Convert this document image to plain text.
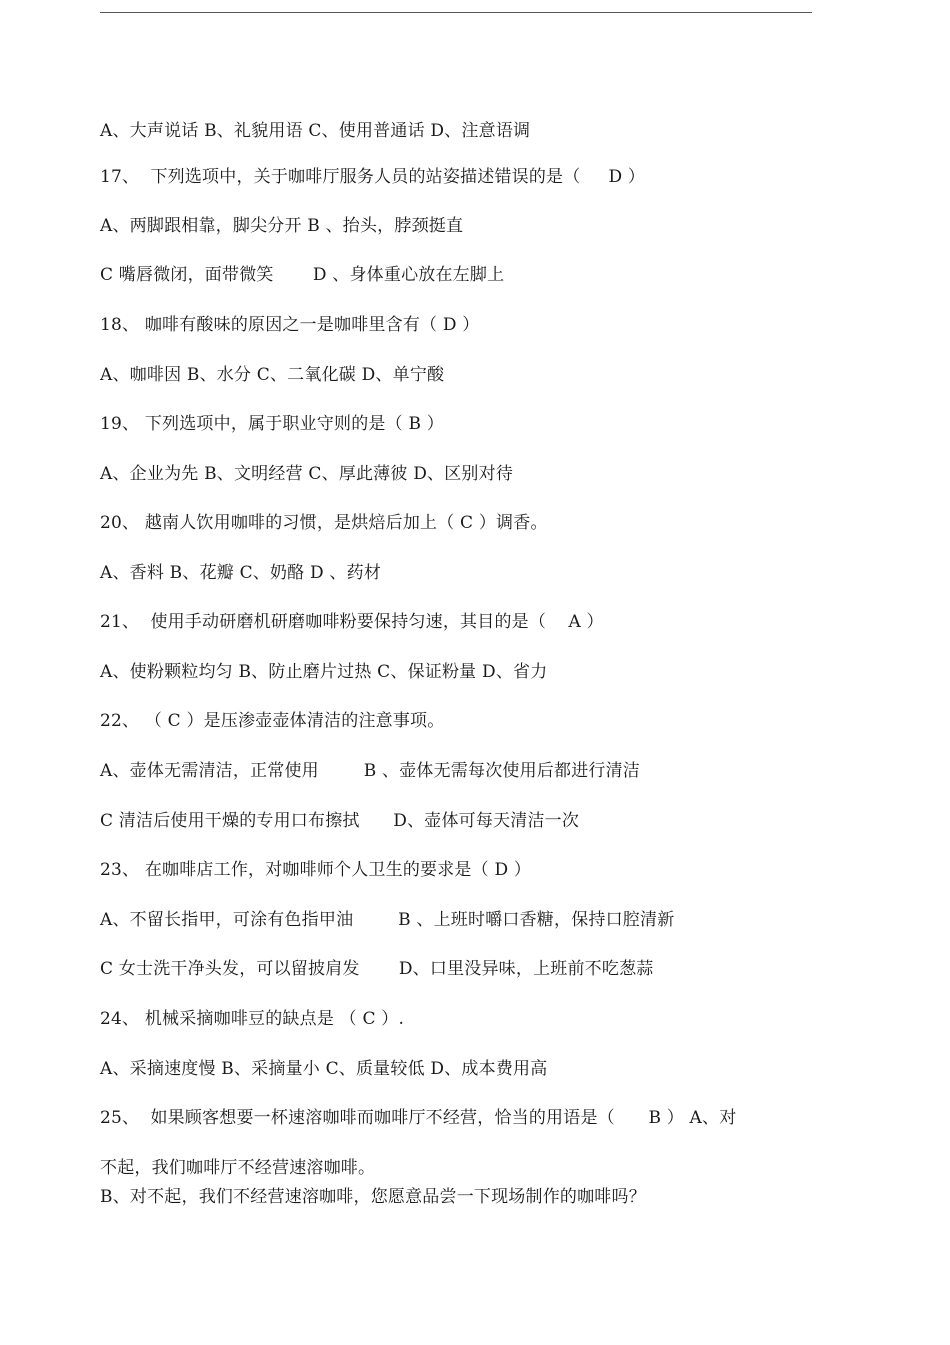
A、大声说话 B、礼貌用语 C、使用普通话 D、注意语调
17、  下列选项中，关于咖啡厅服务人员的站姿描述错误的是（     D ）
A、两脚跟相靠，脚尖分开 B 、抬头，脖颈挺直
C 嘴唇微闭，面带微笑       D 、身体重心放在左脚上
18、 咖啡有酸味的原因之一是咖啡里含有（ D ）
A、咖啡因 B、水分 C、二氧化碳 D、单宁酸
19、 下列选项中，属于职业守则的是（ B ）
A、企业为先 B、文明经营 C、厚此薄彼 D、区别对待
20、 越南人饮用咖啡的习惯，是烘焙后加上（ C ）调香。
A、香料 B、花瓣 C、奶酪 D 、药材
21、  使用手动研磨机研磨咖啡粉要保持匀速，其目的是（    A ）
A、使粉颗粒均匀 B、防止磨片过热 C、保证粉量 D、省力
22、 （ C ）是压渗壶壶体清洁的注意事项。
A、壶体无需清洁，正常使用        B 、壶体无需每次使用后都进行清洁
C 清洁后使用干燥的专用口布擦拭      D、壶体可每天清洁一次
23、 在咖啡店工作，对咖啡师个人卫生的要求是（ D ）
A、不留长指甲，可涂有色指甲油        B 、上班时嚼口香糖，保持口腔清新
C 女士洗干净头发，可以留披肩发       D、口里没异味，上班前不吃葱蒜
24、 机械采摘咖啡豆的缺点是 （ C ）.
A、采摘速度慢 B、采摘量小 C、质量较低 D、成本费用高
25、  如果顾客想要一杯速溶咖啡而咖啡厅不经营，恰当的用语是（      B ） A、对
不起，我们咖啡厅不经营速溶咖啡。
B、对不起，我们不经营速溶咖啡，您愿意品尝一下现场制作的咖啡吗？
